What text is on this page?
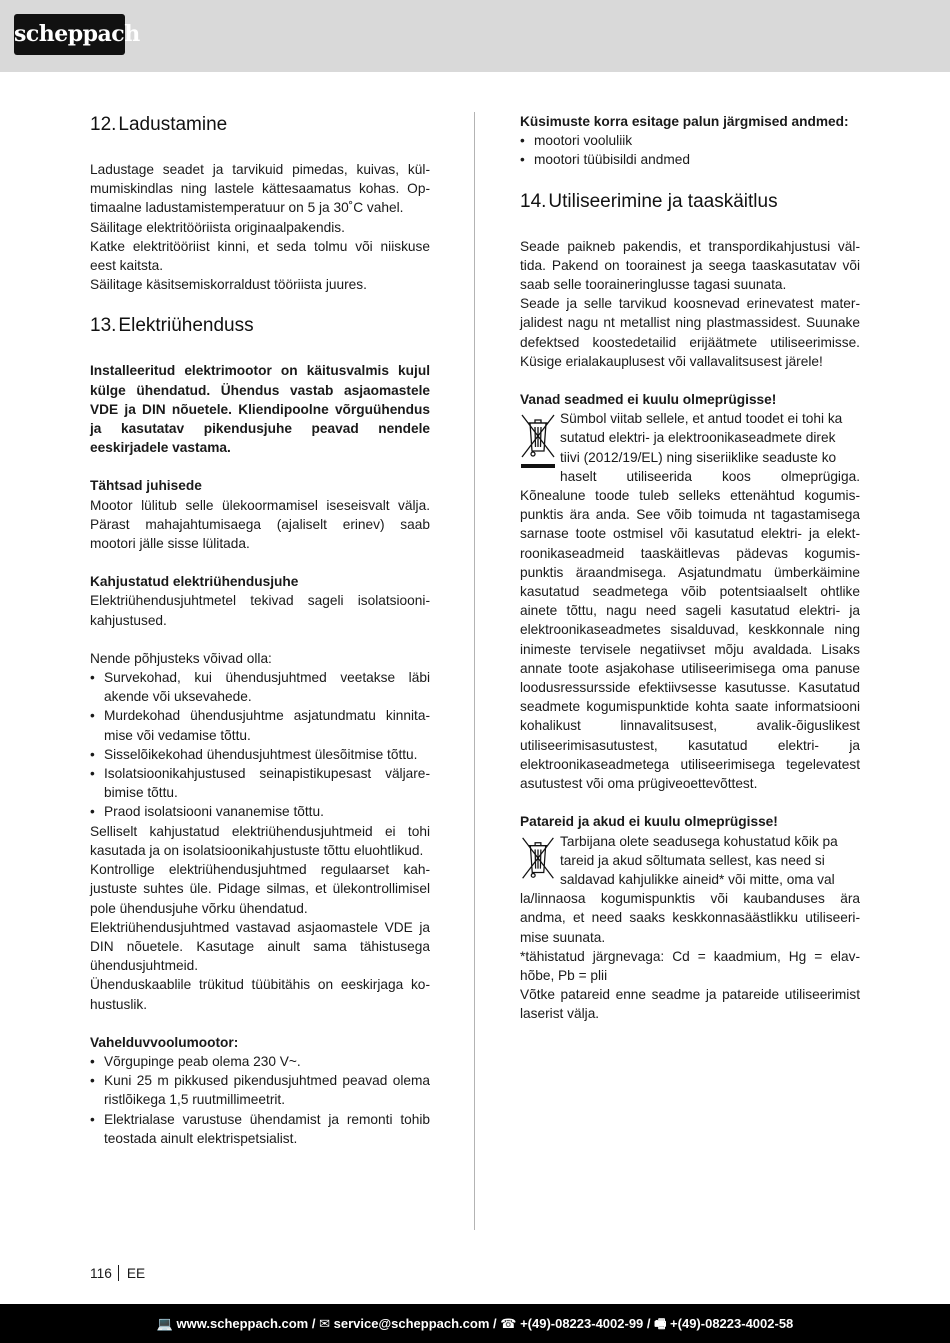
scheppach
12. Ladustamine

Ladustage seadet ja tarvikuid pimedas, kuivas, külmumiskindlas ning lastele kättesaamatus kohas. Optimaalne ladustamistemperatuur on 5 ja 30˚C vahel.

Säilitage elektritööriista originaalpakendis.

Katke elektritööriist kinni, et seda tolmu või niiskuse eest kaitsta.

Säilitage käsitsemiskorraldust tööriista juures.

13. Elektriühenduss

Installeeritud elektrimootor on käitusvalmis kujul külge ühendatud. Ühendus vastab asjaomastele VDE ja DIN nõuetele. Kliendipoolne võrguühendus ja kasutatav pikendusjuhe peavad nendele eeskirjadele vastama.

Tähtsad juhisede

Mootor lülitub selle ülekoormamisel iseseisvalt välja. Pärast mahajahtumisaega (ajaliselt erinev) saab mootori jälle sisse lülitada.

Kahjustatud elektriühendusjuhe

Elektriühendusjuhtmetel tekivad sageli isolatsioonikahjustused.

Nende põhjusteks võivad olla:

• Survekohad, kui ühendusjuhtmed veetakse läbi akende või uksevahede.
• Murdekohad ühendusjuhtme asjatundmatu kinnitamise või vedamise tõttu.
• Sisselõikekohad ühendusjuhtmest ülesõitmise tõttu.
• Isolatsioonikahjustused seinapistikupesast väljarebimise tõttu.
• Praod isolatsiooni vananemise tõttu.

Selliselt kahjustatud elektriühendusjuhtmeid ei tohi kasutada ja on isolatsioonikahjustuste tõttu eluohtlikud.

Kontrollige elektriühendusjuhtmed regulaarset kahjustuste suhtes üle. Pidage silmas, et ülekontrollimisel pole ühendusjuhe võrku ühendatud.

Elektriühendusjuhtmed vastavad asjaomastele VDE ja DIN nõuetele. Kasutage ainult sama tähistusega ühendusjuhtmeid.

Ühenduskaablile trükitud tüübitähis on eeskirjaga kohustuslik.

Vahelduvvoolumootor:

• Võrgupinge peab olema 230 V~.
• Kuni 25 m pikkused pikendusjuhtmed peavad olema ristlõikega 1,5 ruutmillimeetrit.
• Elektrialase varustuse ühendamist ja remonti tohib teostada ainult elektrispetsialist.

Küsimuste korra esitage palun järgmised andmed:

• mootori vooluliik
• mootori tüübisildi andmed
14. Utiliseerimine ja taaskäitlus

Seade paikneb pakendis, et transpordikahjustusi vältida. Pakend on toorainest ja seega taaskasutatav või saab selle tooraineringlusse tagasi suunata.

Seade ja selle tarvikud koosnevad erinevatest materjalidest nagu nt metallist ning plastmassidest. Suunake defektsed koostedetailid erijäätmete utiliseerimisse. Küsige erialakauplusest või vallavalitsusest järele!

Vanad seadmed ei kuulu olmeprügisse!

Sümbol viitab sellele, et antud toodet ei tohi ka
sutatud elektri- ja elektroonikaseadmete direk
tiivi (2012/19/EL) ning siseriiklike seaduste ko
haselt utiliseerida koos olmeprügiga.

Kõnealune toode tuleb selleks ettenähtud kogumispunktis ära anda. See võib toimuda nt tagastamisega sarnase toote ostmisel või kasutatud elektri- ja elektroonikaseadmeid taaskäitlevas pädevas kogumispunktis äraandmisega. Asjatundmatu ümberkäimine kasutatud seadmetega võib potentsiaalselt ohtlike ainete tõttu, nagu need sageli kasutatud elektri- ja elektroonikaseadmetes sisalduvad, keskkonnale ning inimeste tervisele negatiivset mõju avaldada. Lisaks annate toote asjakohase utiliseerimisega oma panuse loodusressursside efektiivsesse kasutusse. Kasutatud seadmete kogumispunktide kohta saate informatsiooni kohalikust linnavalitsusest, avalik-õiguslikest utiliseerimisasutustest, kasutatud elektri- ja elektroonikaseadmetega utiliseerimisega tegelevatest asutustest või oma prügiveoettevõttest.

Patareid ja akud ei kuulu olmeprügisse!

Tarbijana olete seadusega kohustatud kõik pa
tareid ja akud sõltumata sellest, kas need si
saldavad kahjulikke aineid* või mitte, oma val

la/linnaosa kogumispunktis või kaubanduses ära andma, et need saaks keskkonnasäästlikku utiliseerimise suunata.

*tähistatud järgnevaga: Cd = kaadmium, Hg = elavhõbe, Pb = plii

Võtke patareid enne seadme ja patareide utiliseerimist laserist välja.

116 EE
💻 www.scheppach.com / ✉ service@scheppach.com / ☎ +(49)-08223-4002-99 / 🖷 +(49)-08223-4002-58
